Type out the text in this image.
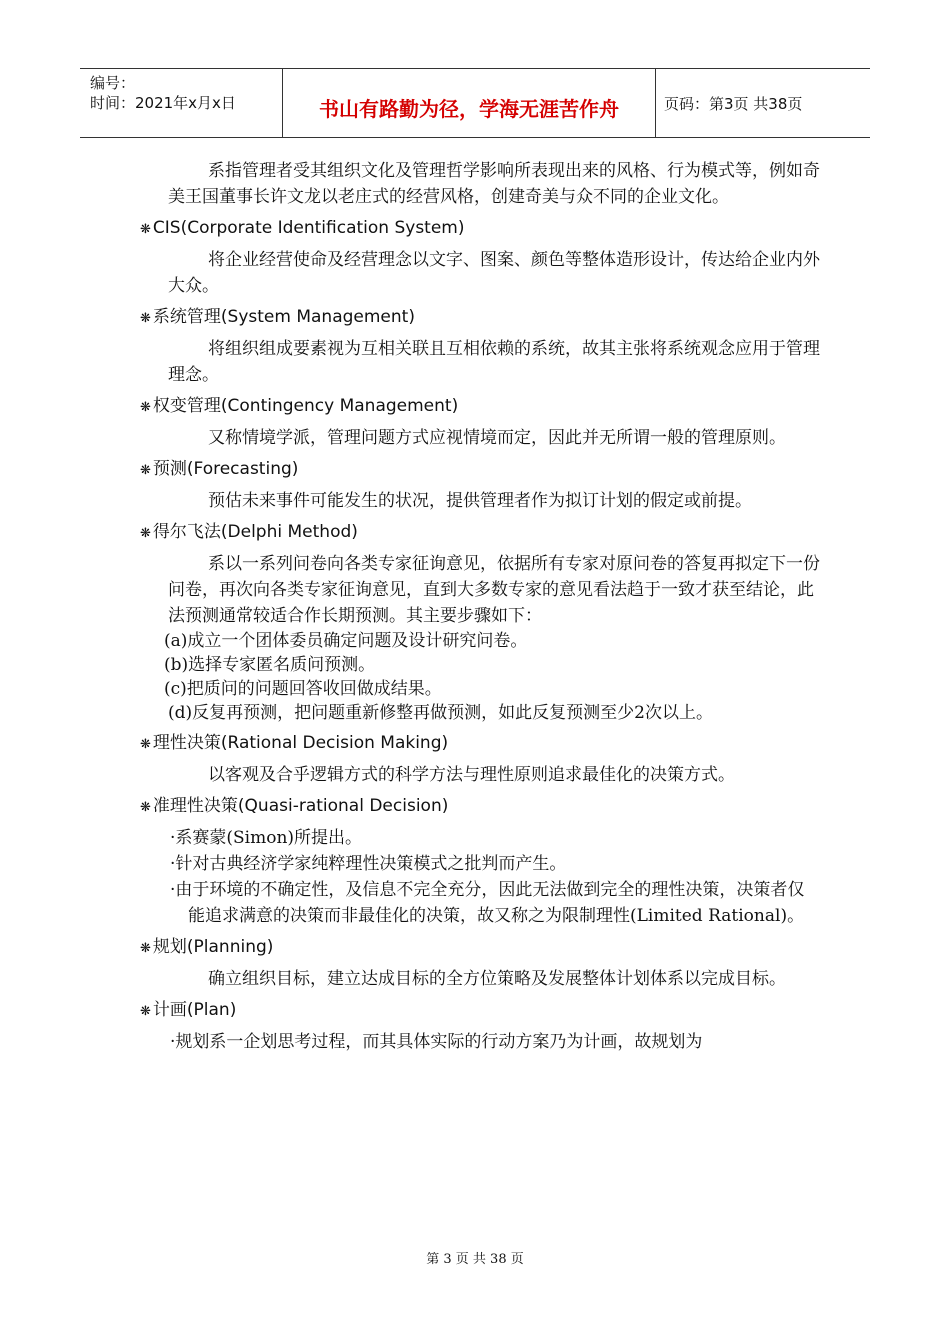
编号：
时间：2021年x月x日	书山有路勤为径，学海无涯苦作舟	页码：第3页 共38页
系指管理者受其组织文化及管理哲学影响所表现出来的风格、行为模式等，例如奇美王国董事长许文龙以老庄式的经营风格，创建奇美与众不同的企业文化。
❋ CIS(Corporate Identification System)
将企业经营使命及经营理念以文字、图案、颜色等整体造形设计，传达给企业内外大众。
❋ 系统管理(System Management)
将组织组成要素视为互相关联且互相依赖的系统，故其主张将系统观念应用于管理理念。
❋ 权变管理(Contingency Management)
又称情境学派，管理问题方式应视情境而定，因此并无所谓一般的管理原则。
❋ 预测(Forecasting)
预估未来事件可能发生的状况，提供管理者作为拟订计划的假定或前提。
❋ 得尔飞法(Delphi Method)
系以一系列问卷向各类专家征询意见，依据所有专家对原问卷的答复再拟定下一份问卷，再次向各类专家征询意见，直到大多数专家的意见看法趋于一致才获至结论，此法预测通常较适合作长期预测。其主要步骤如下：
(a)成立一个团体委员确定问题及设计研究问卷。
(b)选择专家匿名质问预测。
(c)把质问的问题回答收回做成结果。
(d)反复再预测，把问题重新修整再做预测，如此反复预测至少2次以上。
❋ 理性决策(Rational Decision Making)
以客观及合乎逻辑方式的科学方法与理性原则追求最佳化的决策方式。
❋ 准理性决策(Quasi-rational Decision)
·系赛蒙(Simon)所提出。
·针对古典经济学家纯粹理性决策模式之批判而产生。
·由于环境的不确定性，及信息不完全充分，因此无法做到完全的理性决策，决策者仅能追求满意的决策而非最佳化的决策，故又称之为限制理性(Limited Rational)。
❋ 规划(Planning)
确立组织目标，建立达成目标的全方位策略及发展整体计划体系以完成目标。
❋ 计画(Plan)
·规划系一企划思考过程，而其具体实际的行动方案乃为计画，故规划为
第 3 页 共 38 页
